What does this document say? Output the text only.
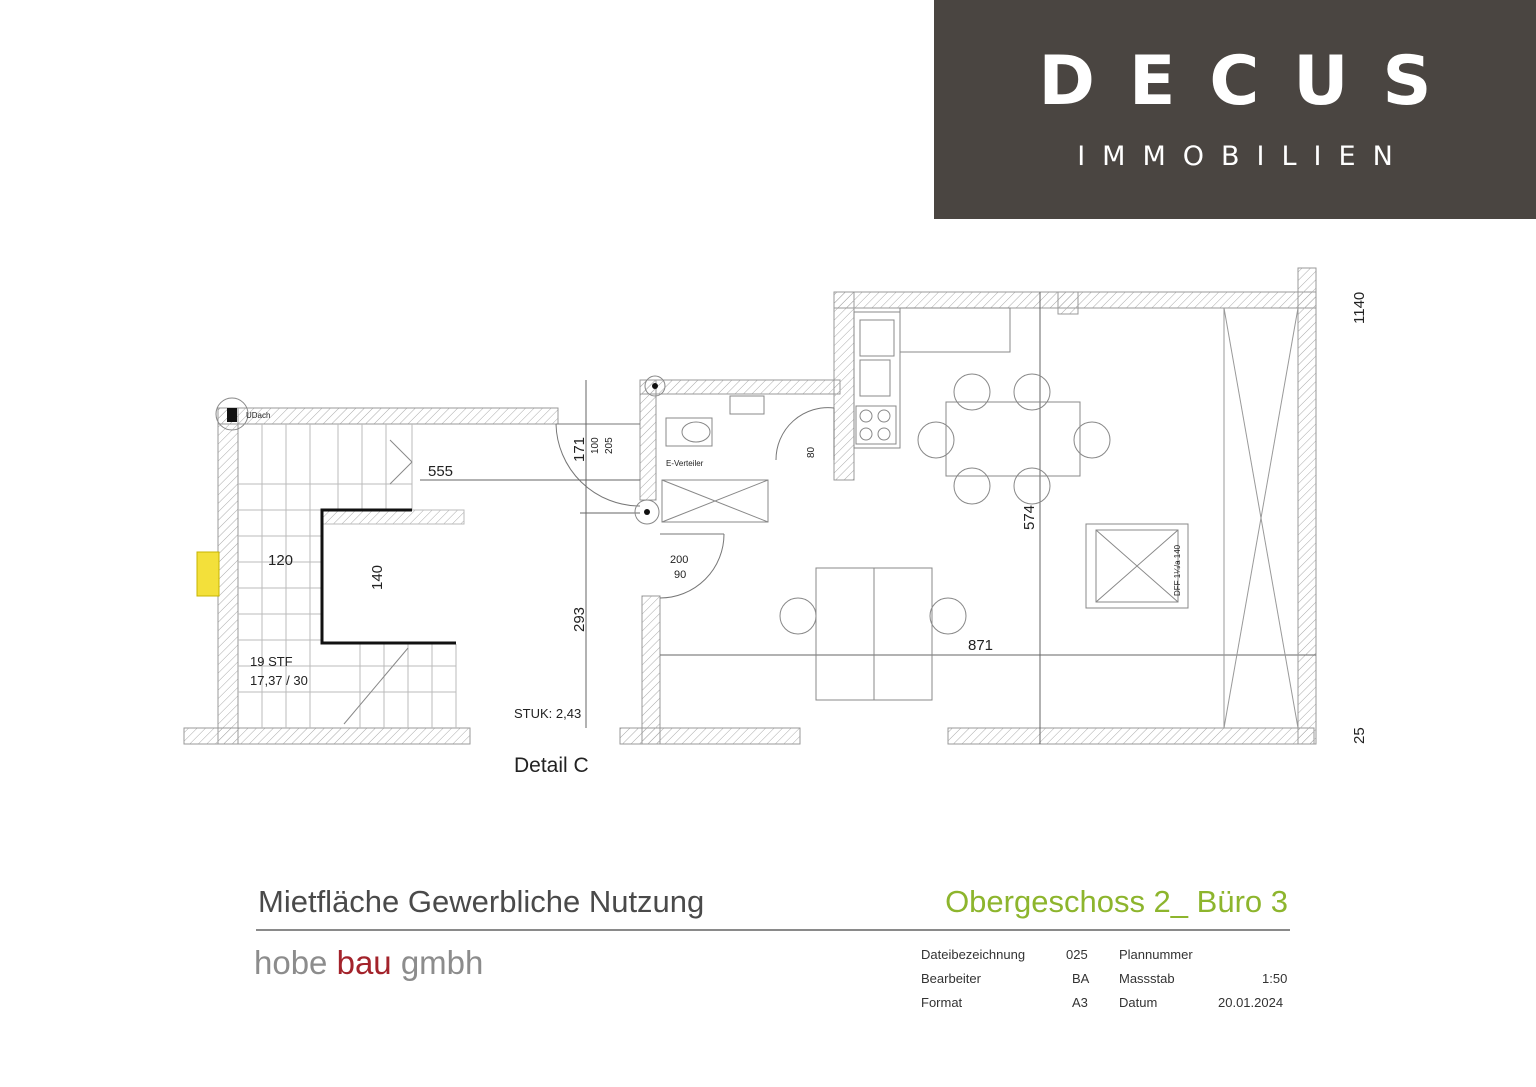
DECUS
IMMOBILIEN
555
120
140
171 100 205
293
200
90
80
574
871
1140
25
19 STF
17,37 / 30
STUK: 2,43
Detail C
UDach
E-Verteiler
DFF 1¼/a 140
Mietfläche Gewerbliche Nutzung	Obergeschoss 2_ Büro 3
hobe bau gmbh	Dateibezeichnung	025 Plannummer
Bearbeiter	BA Massstab	1:50
Format	A3 Datum	20.01.2024
